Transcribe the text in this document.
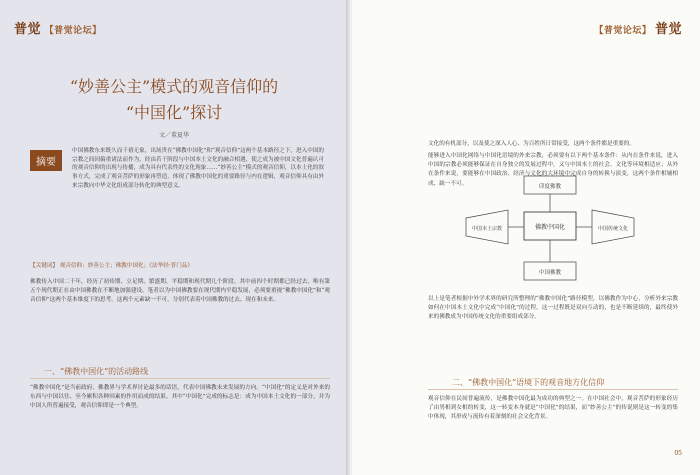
普觉 【普觉论坛】
“妙善公主”模式的观音信仰的
“中国化”探讨
文／董夏华
摘要
中国佛教东来既久而千禧无象，出场贵在“佛教中国化”和“观音信仰”这两个基本路径之下，进入中国的宗教之间因偏重诸法而作为，经由若干阶段与中国本土文化的融合相遇，使之成为被中国文化普遍认可的观音信仰的出现与传播，成为具有代表性的文化现象……“妙善公主”模式的观音信仰，以本土化的叙事方式，完成了观音菩萨的形象再塑造，体现了佛教中国化的重要路径与内在逻辑，观音信仰具有由外来宗教向中华文化组成部分转化的典型意义。
【关键词】 观音信仰；妙善公主；佛教中国化；《法华经·普门品》
佛教传入中国二千年，经历了初传期、立足期、繁盛期、平稳期和现代期几个阶段。其中前四个时期都已经过去，唯有第五个现代期正在由中国佛教在不断地加强建设。笔者以为中国佛教要在现代期内平稳发展，必须要重视“佛教中国化”和“观音信仰”这两个基本维度下的思考，这两个元素缺一不可，分别代表着中国佛教的过去、现在和未来。
一、“佛教中国化”的活动路线
“佛教中国化”是当前政府、佛教界与学术界讨论最多的话语，代表中国佛教未来发展的方向。“中国化”的定义是对外来的东西与中国以往、至今累积各种因素的作用而成的结果。其中“中国化”完成的标志是：成为中国本土文化的一部分，并为中国人所普遍接受，观音信仰即是一个典型。
【普觉论坛】 普觉
文化的有机部分，以及使之深入人心、为百姓所日常接受，这两个条件都是重要的。
能够进入中国化网络与中国化语境的外来宗教，必须要有以下两个基本条件：从内在条件来说，进入中国的宗教必须能够保证在自身独立的发展过程中，又与中国本土的社会、文化等环境相适应；从外在条件来说，要能够在中国政治、经济与文化的大环境中完成自身的转换与演变，这两个条件相辅相成、缺一不可。
以上是笔者根据中外学术界的研究所整理的“佛教中国化”路径模型，以佛教作为中心，分析外来宗教如何在中国本土文化中完成“中国化”的过程，这一过程既是双向互动的，也是不断延续的，最终使外来的佛教成为中国传统文化的重要组成部分。
二、“佛教中国化”语境下的观音地方化信仰
观音信仰在民间普遍流传，是佛教中国化最为成功的典型之一。在中国社会中，观音菩萨的形象经历了由男相到女相的转变，这一转变本身就是“中国化”的结果，而“妙善公主”的传说则是这一转变的集中体现，其形成与流传有着深刻的社会文化背景。
05
印度佛教
中国本土宗教	佛教中国化	中国传统文化
中国佛教
